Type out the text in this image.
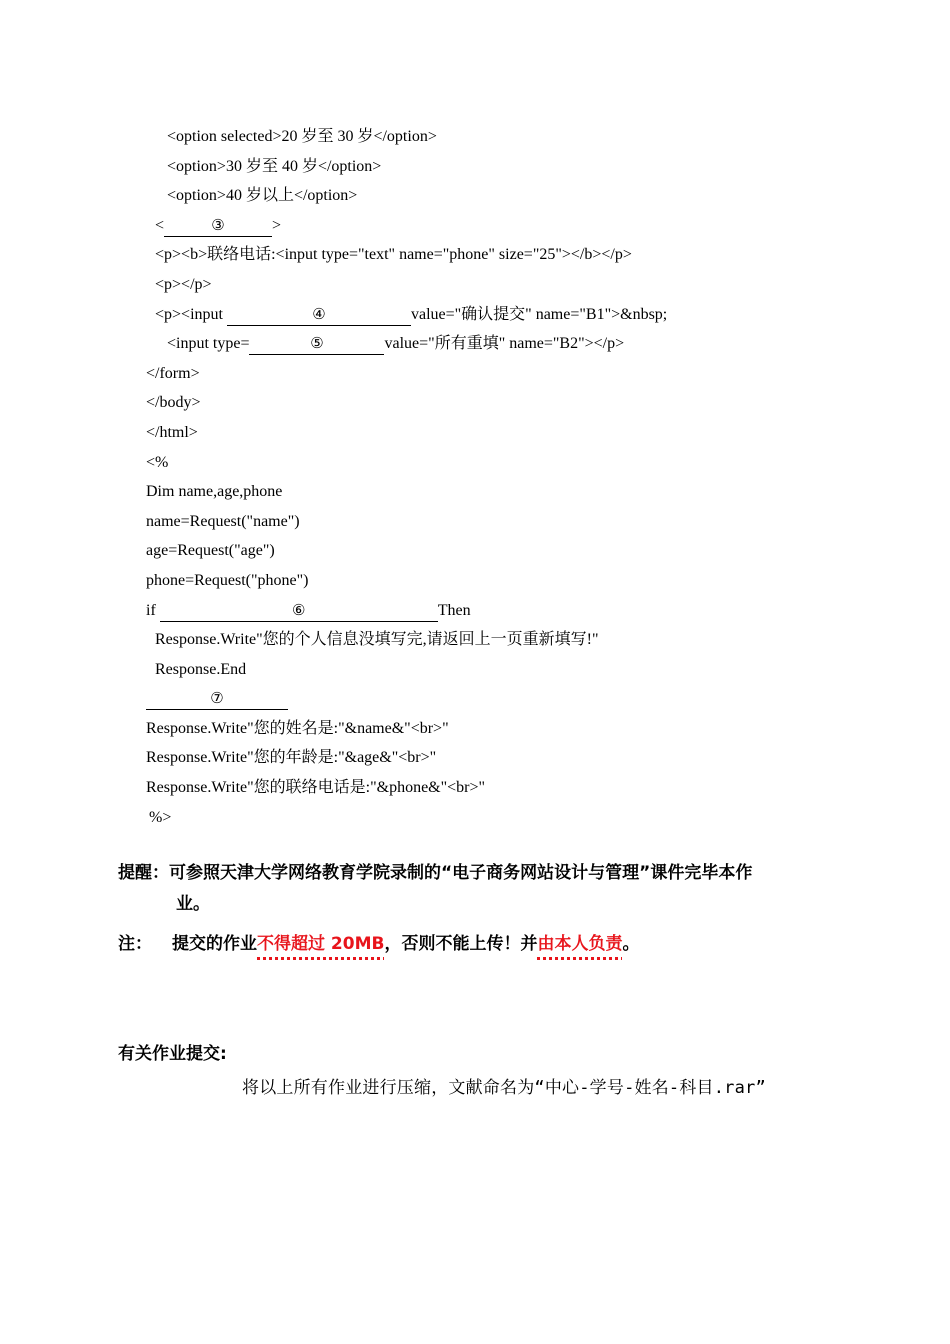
<option selected>20 岁至 30 岁</option>
<option>30 岁至 40 岁</option>
<option>40 岁以上</option>
<	③	>
<p><b>联络电话:<input type="text" name="phone" size="25"></b></p>
<p></p>
<p><input	④	value="确认提交" name="B1">&nbsp;
<input type=	⑤	value="所有重填" name="B2"></p>
</form>
</body>
</html>
<%
Dim name,age,phone
name=Request("name")
age=Request("age")
phone=Request("phone")
if	⑥	Then
Response.Write"您的个人信息没填写完,请返回上一页重新填写!"
Response.End
⑦
Response.Write"您的姓名是:"&name&"<br>"
Response.Write"您的年龄是:"&age&"<br>"
Response.Write"您的联络电话是:"&phone&"<br>"
%>
提醒：可参照天津大学网络教育学院录制的“电子商务网站设计与管理”课件完毕本作
业。
注： 提交的作业不得超过 20MB，否则不能上传！并由本人负责。
有关作业提交:
将以上所有作业进行压缩，文献命名为“中心-学号-姓名-科目.rar”
